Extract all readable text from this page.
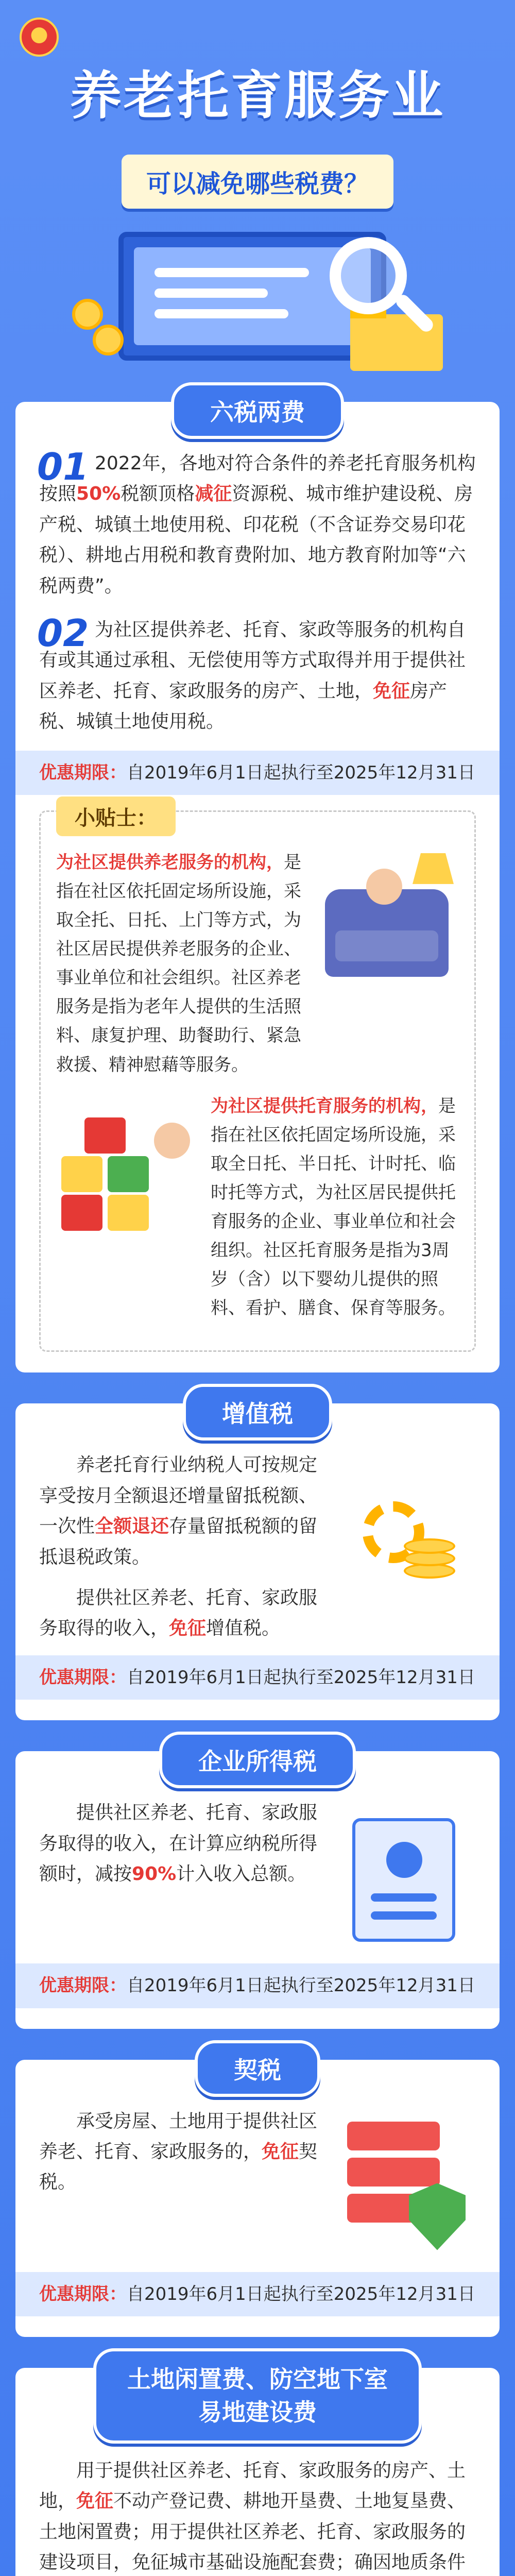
养老托育服务业
可以减免哪些税费？
六税两费
01 2022年，各地对符合条件的养老托育服务机构按照50%税额顶格减征资源税、城市维护建设税、房产税、城镇土地使用税、印花税（不含证券交易印花税）、耕地占用税和教育费附加、地方教育附加等“六税两费”。

02 为社区提供养老、托育、家政等服务的机构自有或其通过承租、无偿使用等方式取得并用于提供社区养老、托育、家政服务的房产、土地，免征房产税、城镇土地使用税。

优惠期限：自2019年6月1日起执行至2025年12月31日
小贴士：
为社区提供养老服务的机构，是指在社区依托固定场所设施，采取全托、日托、上门等方式，为社区居民提供养老服务的企业、事业单位和社会组织。社区养老服务是指为老年人提供的生活照料、康复护理、助餐助行、紧急救援、精神慰藉等服务。
为社区提供托育服务的机构，是指在社区依托固定场所设施，采取全日托、半日托、计时托、临时托等方式，为社区居民提供托育服务的企业、事业单位和社会组织。社区托育服务是指为3周岁（含）以下婴幼儿提供的照料、看护、膳食、保育等服务。
增值税

养老托育行业纳税人可按规定享受按月全额退还增量留抵税额、一次性全额退还存量留抵税额的留抵退税政策。

提供社区养老、托育、家政服务取得的收入，免征增值税。

优惠期限：自2019年6月1日起执行至2025年12月31日
企业所得税

提供社区养老、托育、家政服务取得的收入，在计算应纳税所得额时，减按90%计入收入总额。

优惠期限：自2019年6月1日起执行至2025年12月31日
契税

承受房屋、土地用于提供社区养老、托育、家政服务的，免征契税。

优惠期限：自2019年6月1日起执行至2025年12月31日
土地闲置费、防空地下室
易地建设费

用于提供社区养老、托育、家政服务的房产、土地，免征不动产登记费、耕地开垦费、土地复垦费、土地闲置费；用于提供社区养老、托育、家政服务的建设项目，免征城市基础设施配套费；确因地质条件
